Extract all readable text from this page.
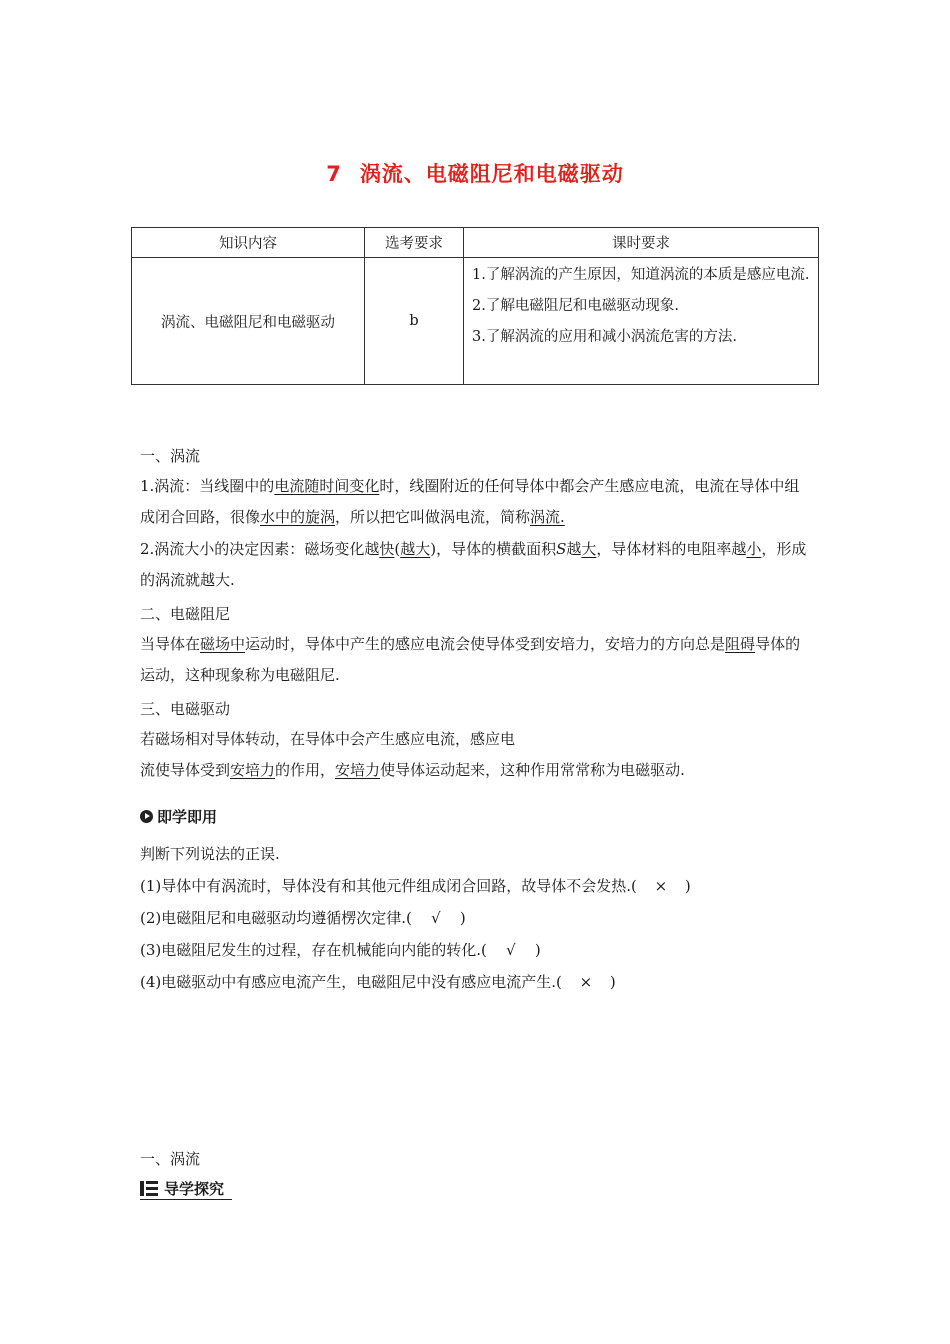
7 涡流、电磁阻尼和电磁驱动
知识内容	选考要求	课时要求
涡流、电磁阻尼和电磁驱动	b	1.了解涡流的产生原因，知道涡流的本质是感应电流.
2.了解电磁阻尼和电磁驱动现象.
3.了解涡流的应用和减小涡流危害的方法.
一、涡流
1.涡流：当线圈中的电流随时间变化时，线圈附近的任何导体中都会产生感应电流，电流在导体中组成闭合回路，很像水中的旋涡，所以把它叫做涡电流，简称涡流.
2.涡流大小的决定因素：磁场变化越快(越大)，导体的横截面积S越大，导体材料的电阻率越小，形成的涡流就越大.
二、电磁阻尼
当导体在磁场中运动时，导体中产生的感应电流会使导体受到安培力，安培力的方向总是阻碍导体的运动，这种现象称为电磁阻尼.
三、电磁驱动
若磁场相对导体转动，在导体中会产生感应电流，感应电
流使导体受到安培力的作用，安培力使导体运动起来，这种作用常常称为电磁驱动.
即学即用
判断下列说法的正误.
(1)导体中有涡流时，导体没有和其他元件组成闭合回路，故导体不会发热.( × )
(2)电磁阻尼和电磁驱动均遵循楞次定律.( √ )
(3)电磁阻尼发生的过程，存在机械能向内能的转化.( √ )
(4)电磁驱动中有感应电流产生，电磁阻尼中没有感应电流产生.( × )
一、涡流
导学探究
